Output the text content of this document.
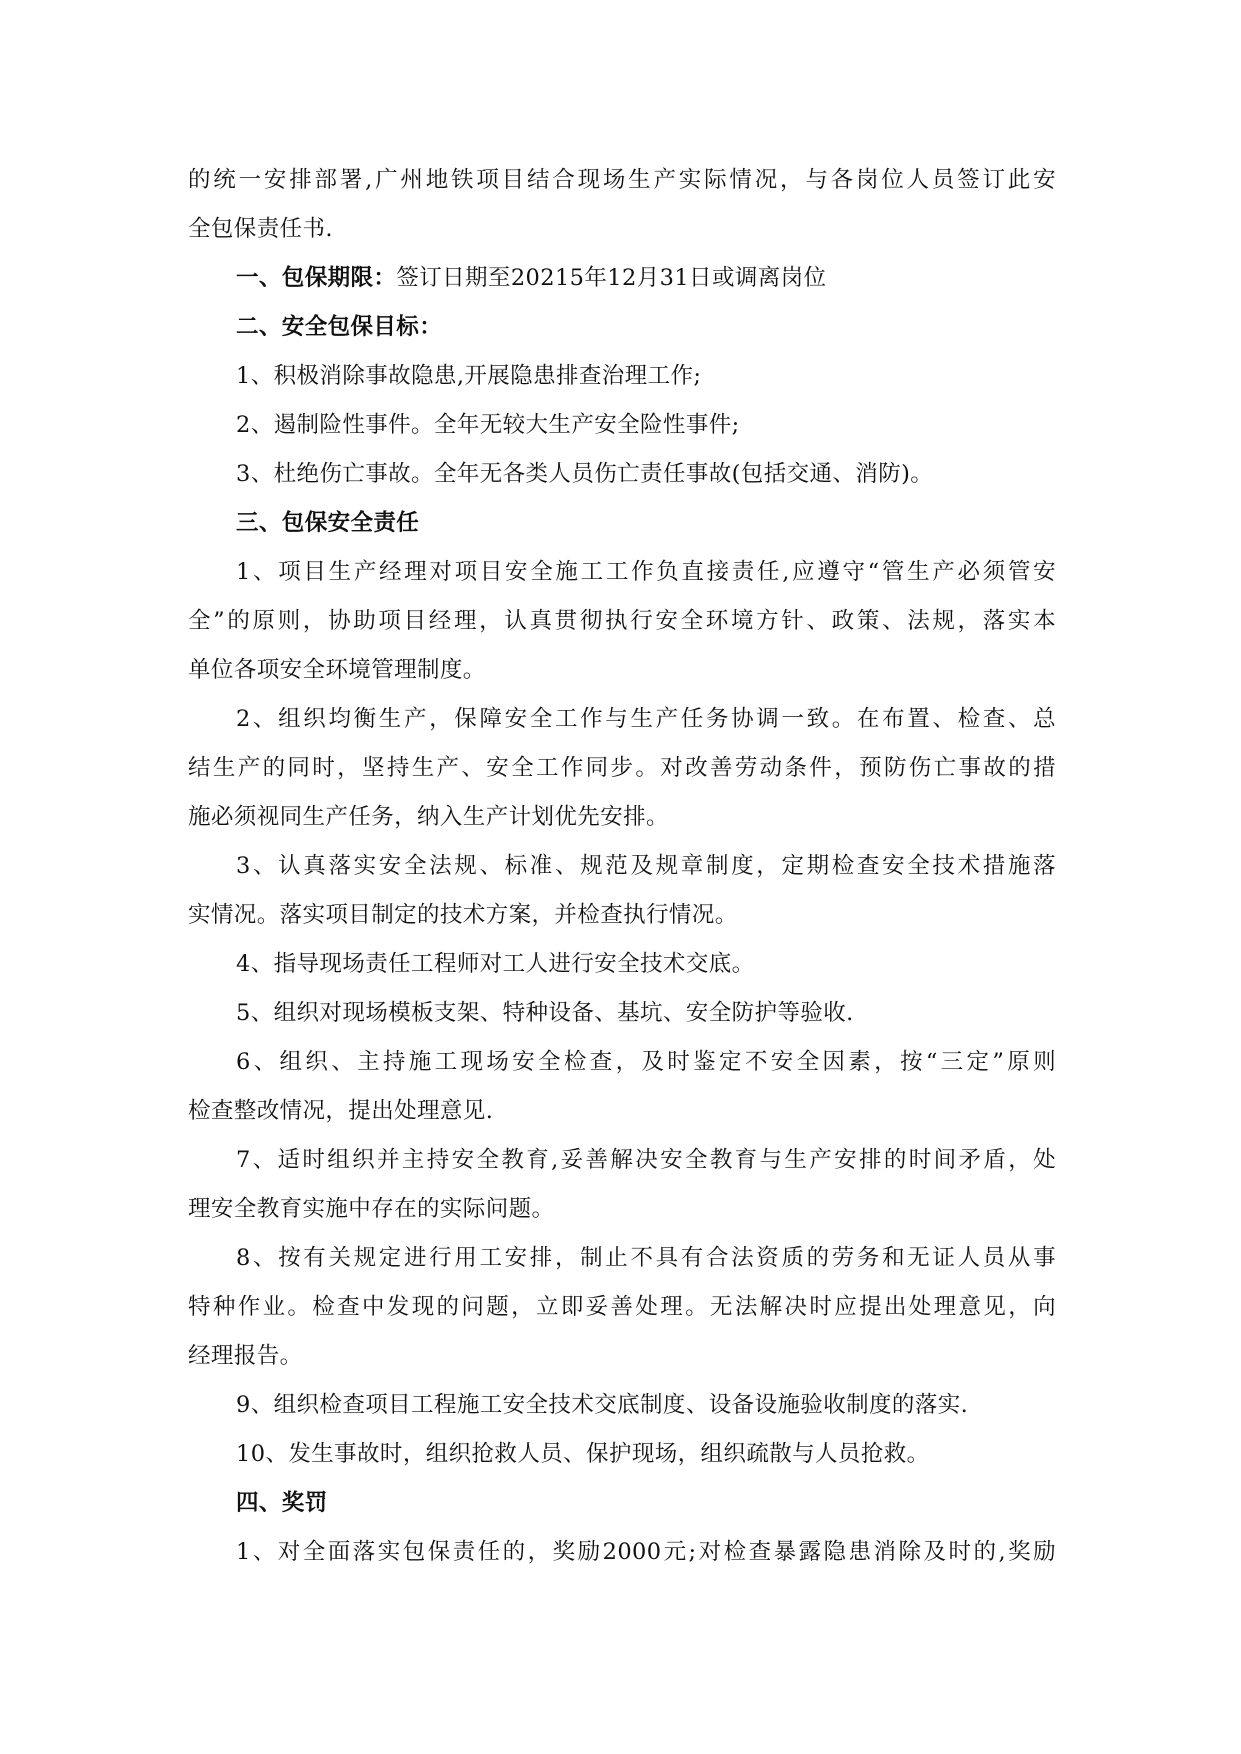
的统一安排部署,广州地铁项目结合现场生产实际情况，与各岗位人员签订此安
全包保责任书.
一、包保期限：签订日期至20215年12月31日或调离岗位
二、安全包保目标：
1、积极消除事故隐患,开展隐患排查治理工作;
2、遏制险性事件。全年无较大生产安全险性事件;
3、杜绝伤亡事故。全年无各类人员伤亡责任事故(包括交通、消防)。
三、包保安全责任
1、项目生产经理对项目安全施工工作负直接责任,应遵守“管生产必须管安
全”的原则，协助项目经理，认真贯彻执行安全环境方针、政策、法规，落实本
单位各项安全环境管理制度。
2、组织均衡生产，保障安全工作与生产任务协调一致。在布置、检查、总
结生产的同时，坚持生产、安全工作同步。对改善劳动条件，预防伤亡事故的措
施必须视同生产任务，纳入生产计划优先安排。
3、认真落实安全法规、标准、规范及规章制度，定期检查安全技术措施落
实情况。落实项目制定的技术方案，并检查执行情况。
4、指导现场责任工程师对工人进行安全技术交底。
5、组织对现场模板支架、特种设备、基坑、安全防护等验收.
6、组织、主持施工现场安全检查，及时鉴定不安全因素，按“三定”原则
检查整改情况，提出处理意见.
7、适时组织并主持安全教育,妥善解决安全教育与生产安排的时间矛盾，处
理安全教育实施中存在的实际问题。
8、按有关规定进行用工安排，制止不具有合法资质的劳务和无证人员从事
特种作业。检查中发现的问题，立即妥善处理。无法解决时应提出处理意见，向
经理报告。
9、组织检查项目工程施工安全技术交底制度、设备设施验收制度的落实.
10、发生事故时，组织抢救人员、保护现场，组织疏散与人员抢救。
四、奖罚
1、对全面落实包保责任的，奖励2000元;对检查暴露隐患消除及时的,奖励
